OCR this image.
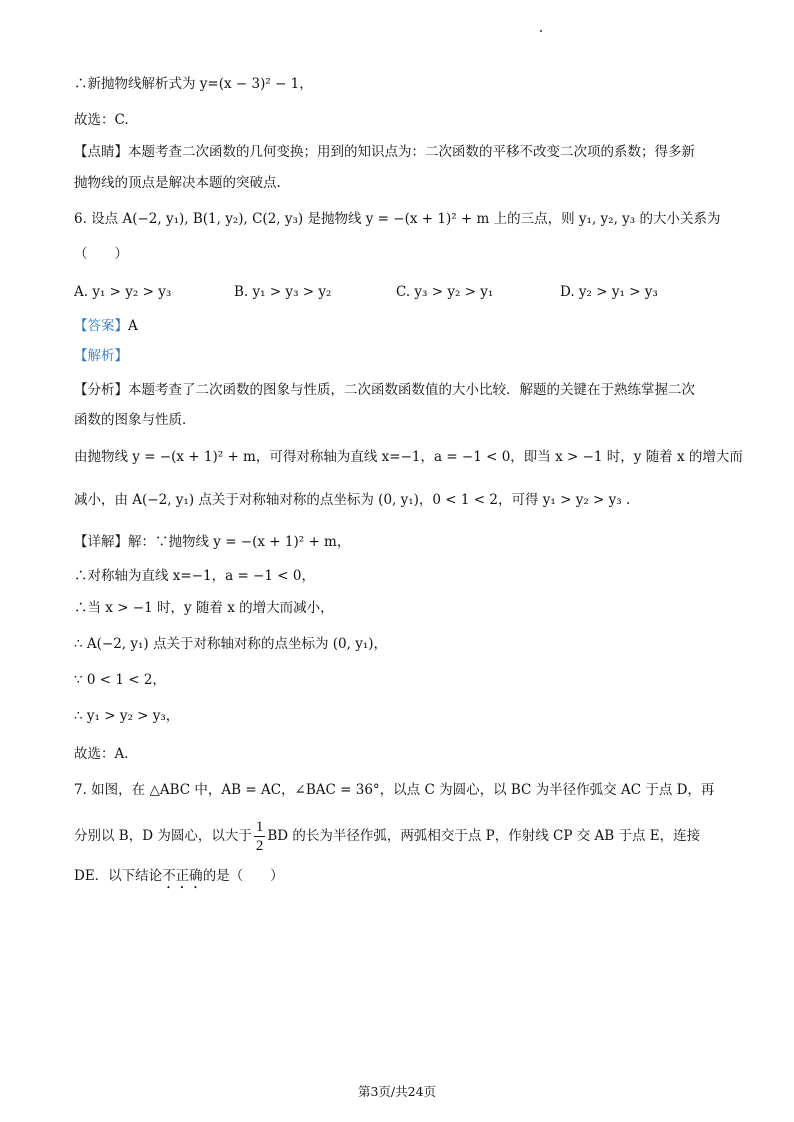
∴新抛物线解析式为 y=(x − 3)² − 1，
故选：C.
【点睛】本题考查二次函数的几何变换；用到的知识点为：二次函数的平移不改变二次项的系数；得多新
抛物线的顶点是解决本题的突破点.
6. 设点 A(−2, y₁), B(1, y₂), C(2, y₃) 是抛物线 y = −(x + 1)² + m 上的三点，则 y₁, y₂, y₃ 的大小关系为
（　　）
A. y₁ > y₂ > y₃	B. y₁ > y₃ > y₂	C. y₃ > y₂ > y₁	D. y₂ > y₁ > y₃
【答案】A
【解析】
【分析】本题考查了二次函数的图象与性质，二次函数函数值的大小比较．解题的关键在于熟练掌握二次
函数的图象与性质．
由抛物线 y = −(x + 1)² + m，可得对称轴为直线 x=−1，a = −1 < 0，即当 x > −1 时，y 随着 x 的增大而
减小，由 A(−2, y₁) 点关于对称轴对称的点坐标为 (0, y₁)，0 < 1 < 2，可得 y₁ > y₂ > y₃ .
【详解】解：∵抛物线 y = −(x + 1)² + m，
∴对称轴为直线 x=−1，a = −1 < 0，
∴当 x > −1 时，y 随着 x 的增大而减小，
∴ A(−2, y₁) 点关于对称轴对称的点坐标为 (0, y₁)，
∵ 0 < 1 < 2，
∴ y₁ > y₂ > y₃，
故选：A.
7. 如图，在 △ABC 中，AB = AC，∠BAC = 36°，以点 C 为圆心，以 BC 为半径作弧交 AC 于点 D，再
分别以 B，D 为圆心，以大于 $\frac{1}{2}$ BD 的长为半径作弧，两弧相交于点 P，作射线 CP 交 AB 于点 E，连接
DE．以下结论不正确的是（　　）
第3页/共24页
